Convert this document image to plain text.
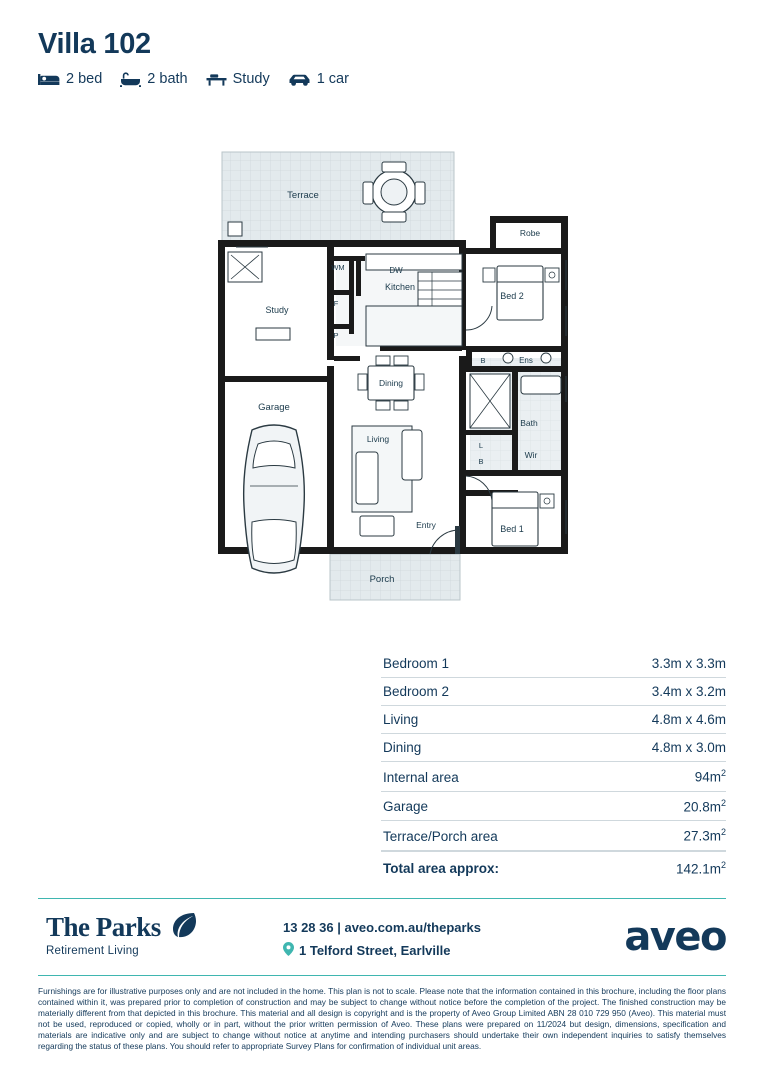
Villa 102
2 bed	2 bath	Study	1 car
Terrace
Porch
Study
Garage
DW
Kitchen
WM
F
P
Dining
Living
Entry
Robe
Bed 2
B	Ens
Bath
L
B
Wir
Bed 1
Bedroom 1	3.3m x 3.3m
Bedroom 2	3.4m x 3.2m
Living	4.8m x 4.6m
Dining	4.8m x 3.0m
Internal area	$94m^2$
Garage	$20.8m^2$
Terrace/Porch area	$27.3m^2$
Total area approx:	$142.1m^2$
The Parks
Retirement Living
13 28 36 | aveo.com.au/theparks
1 Telford Street, Earlville	aveo
Furnishings are for illustrative purposes only and are not included in the home. This plan is not to scale. Please note that the information contained in this brochure, including the floor plans contained within it, was prepared prior to completion of construction and may be subject to change without notice before the completion of the project. The finished construction may be materially different from that depicted in this brochure. This material and all design is copyright and is the property of Aveo Group Limited ABN 28 010 729 950 (Aveo). This material must not be used, reproduced or copied, wholly or in part, without the prior written permission of Aveo. These plans were prepared on 11/2024 but design, dimensions, specification and materials are indicative only and are subject to change without notice at anytime and intending purchasers should undertake their own independent inquiries to satisfy themselves regarding the status of these plans. You should refer to appropriate Survey Plans for confirmation of individual unit areas.
